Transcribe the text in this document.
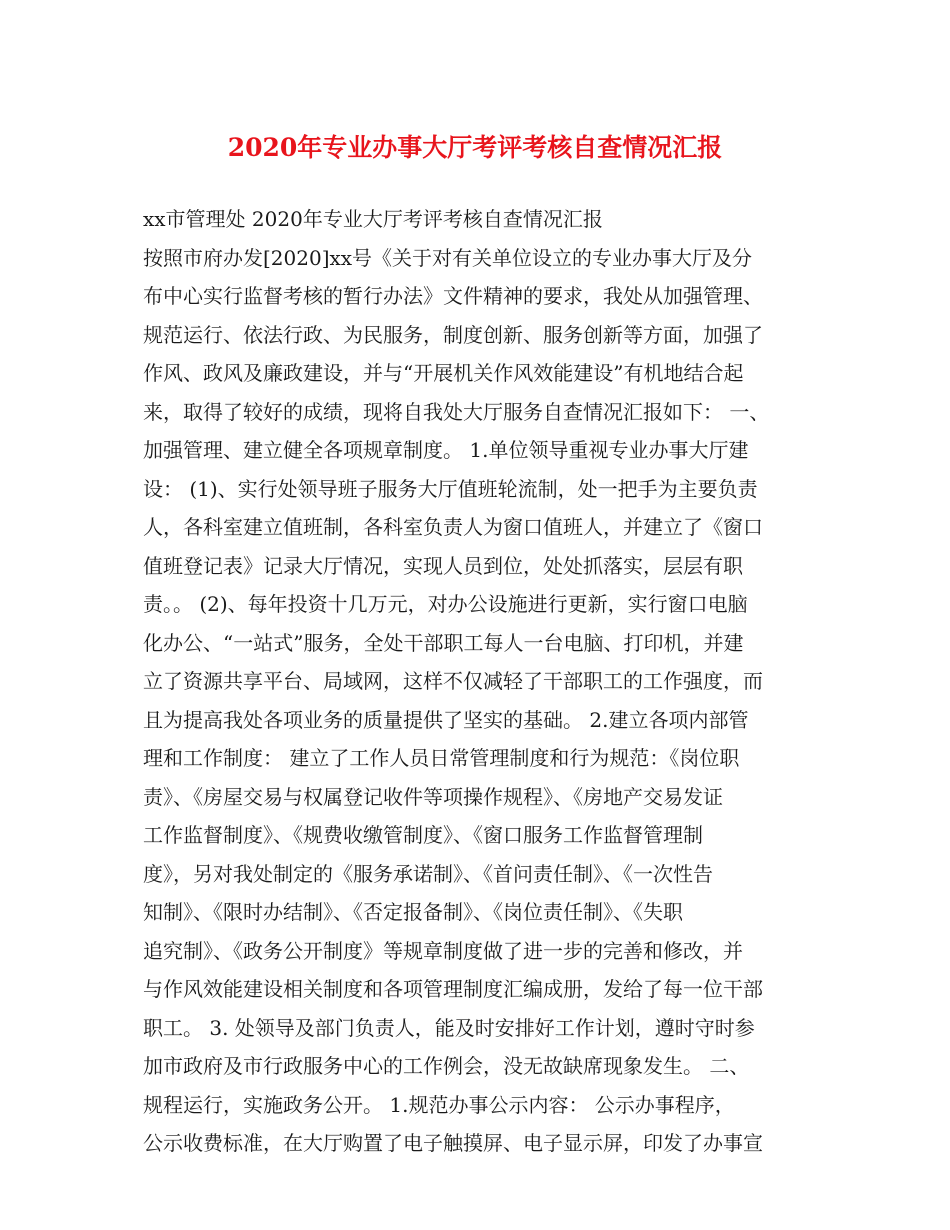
2020年专业办事大厅考评考核自查情况汇报
xx市管理处 2020年专业大厅考评考核自查情况汇报
按照市府办发[2020]xx号《关于对有关单位设立的专业办事大厅及分
布中心实行监督考核的暂行办法》文件精神的要求，我处从加强管理、
规范运行、依法行政、为民服务，制度创新、服务创新等方面，加强了
作风、政风及廉政建设，并与“开展机关作风效能建设”有机地结合起
来，取得了较好的成绩，现将自我处大厅服务自查情况汇报如下： 一、
加强管理、建立健全各项规章制度。 1.单位领导重视专业办事大厅建
设： (1)、实行处领导班子服务大厅值班轮流制，处一把手为主要负责
人，各科室建立值班制，各科室负责人为窗口值班人，并建立了《窗口
值班登记表》记录大厅情况，实现人员到位，处处抓落实，层层有职
责。。 (2)、每年投资十几万元，对办公设施进行更新，实行窗口电脑
化办公、“一站式”服务，全处干部职工每人一台电脑、打印机，并建
立了资源共享平台、局域网，这样不仅减轻了干部职工的工作强度，而
且为提高我处各项业务的质量提供了坚实的基础。 2.建立各项内部管
理和工作制度： 建立了工作人员日常管理制度和行为规范：《岗位职
责》、《房屋交易与权属登记收件等项操作规程》、《房地产交易发证
工作监督制度》、《规费收缴管制度》、《窗口服务工作监督管理制
度》，另对我处制定的《服务承诺制》、《首问责任制》、《一次性告
知制》、《限时办结制》、《否定报备制》、《岗位责任制》、《失职
追究制》、《政务公开制度》等规章制度做了进一步的完善和修改，并
与作风效能建设相关制度和各项管理制度汇编成册，发给了每一位干部
职工。 3. 处领导及部门负责人，能及时安排好工作计划，遵时守时参
加市政府及市行政服务中心的工作例会，没无故缺席现象发生。 二、
规程运行，实施政务公开。 1.规范办事公示内容： 公示办事程序，
公示收费标准，在大厅购置了电子触摸屏、电子显示屏，印发了办事宣
